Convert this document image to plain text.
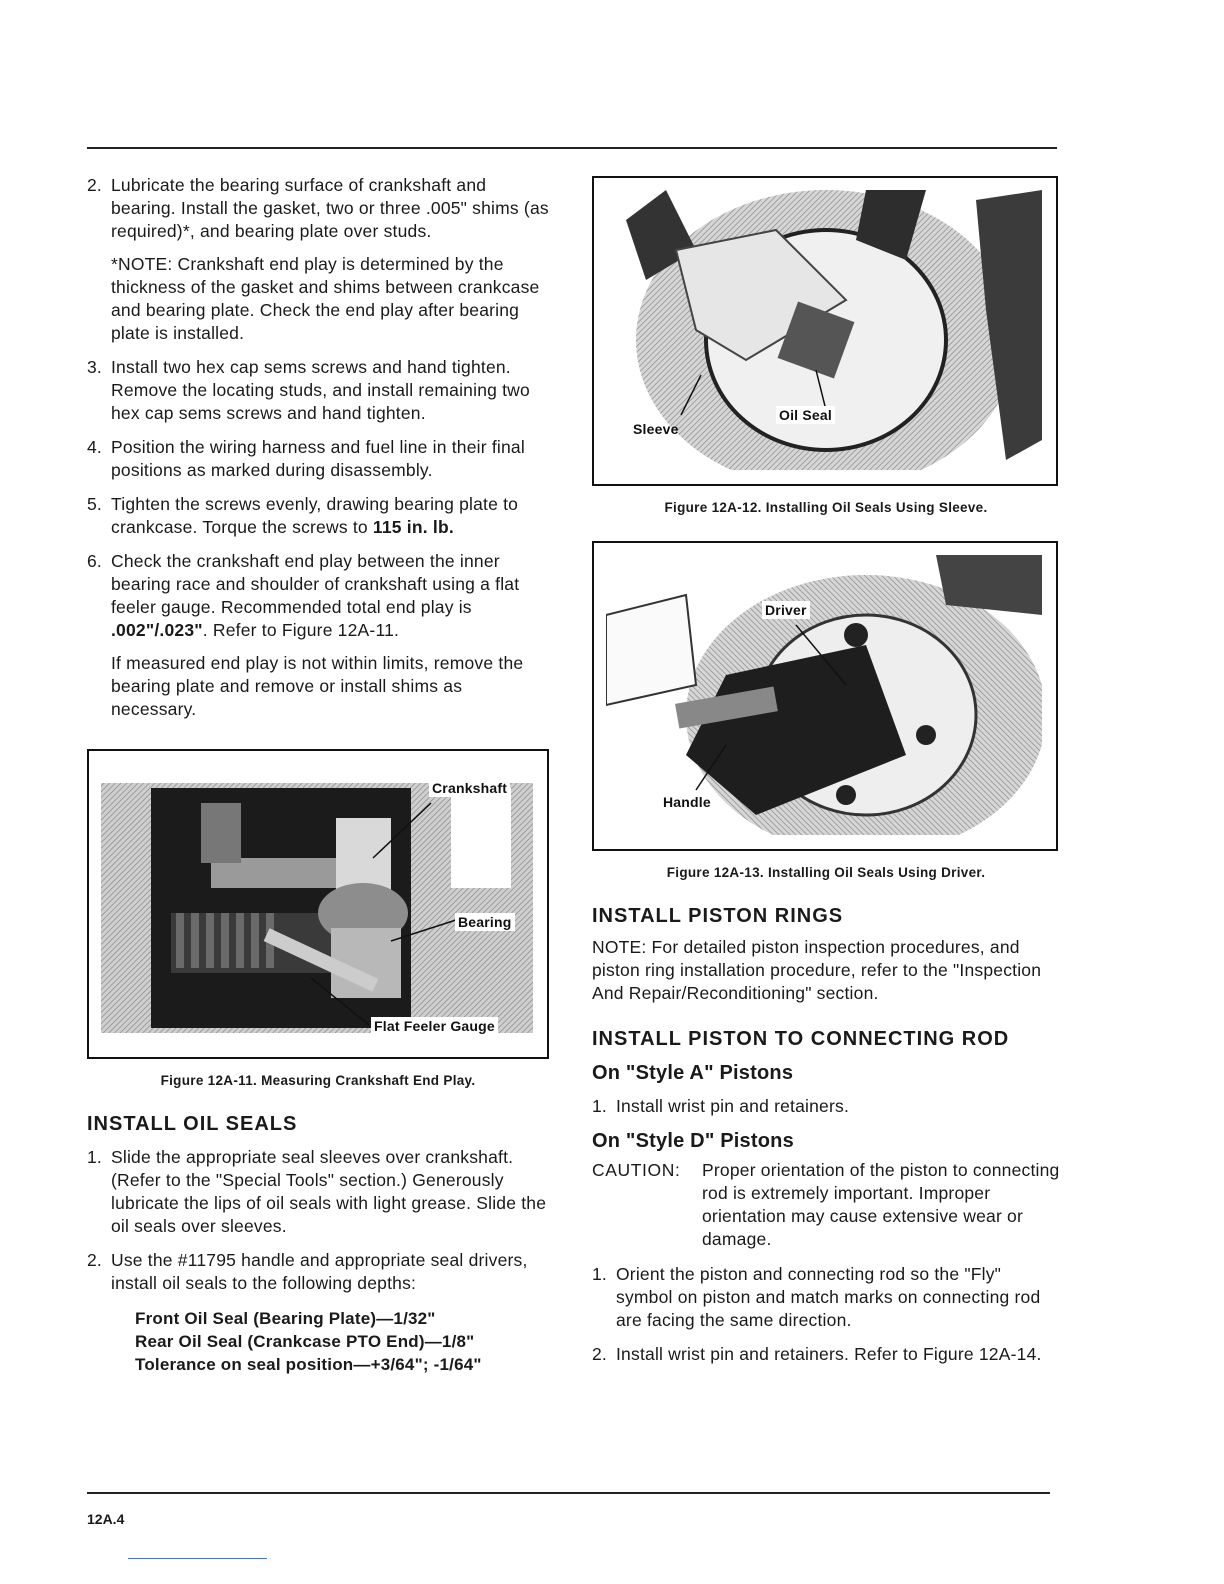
2. Lubricate the bearing surface of crankshaft and bearing. Install the gasket, two or three .005" shims (as required)*, and bearing plate over studs.
*NOTE: Crankshaft end play is determined by the thickness of the gasket and shims between crankcase and bearing plate. Check the end play after bearing plate is installed.
3. Install two hex cap sems screws and hand tighten. Remove the locating studs, and install remaining two hex cap sems screws and hand tighten.
4. Position the wiring harness and fuel line in their final positions as marked during disassembly.
5. Tighten the screws evenly, drawing bearing plate to crankcase. Torque the screws to 115 in. lb.
6. Check the crankshaft end play between the inner bearing race and shoulder of crankshaft using a flat feeler gauge. Recommended total end play is .002"/.023". Refer to Figure 12A-11.
If measured end play is not within limits, remove the bearing plate and remove or install shims as necessary.
Crankshaft
Bearing
Flat Feeler Gauge
Figure 12A-11. Measuring Crankshaft End Play.
INSTALL OIL SEALS
1. Slide the appropriate seal sleeves over crankshaft. (Refer to the "Special Tools" section.) Generously lubricate the lips of oil seals with light grease. Slide the oil seals over sleeves.
2. Use the #11795 handle and appropriate seal drivers, install oil seals to the following depths:
Front Oil Seal (Bearing Plate)—1/32"
Rear Oil Seal (Crankcase PTO End)—1/8"
Tolerance on seal position—+3/64"; -1/64"
Sleeve
Oil Seal
Figure 12A-12. Installing Oil Seals Using Sleeve.
Driver
Handle
Figure 12A-13. Installing Oil Seals Using Driver.
INSTALL PISTON RINGS
NOTE: For detailed piston inspection procedures, and piston ring installation procedure, refer to the "Inspection And Repair/Reconditioning" section.
INSTALL PISTON TO CONNECTING ROD
On "Style A" Pistons
1. Install wrist pin and retainers.
On "Style D" Pistons
CAUTION:	Proper orientation of the piston to connecting rod is extremely important. Improper orientation may cause extensive wear or damage.
1. Orient the piston and connecting rod so the "Fly" symbol on piston and match marks on connecting rod are facing the same direction.
2. Install wrist pin and retainers. Refer to Figure 12A-14.
12A.4
